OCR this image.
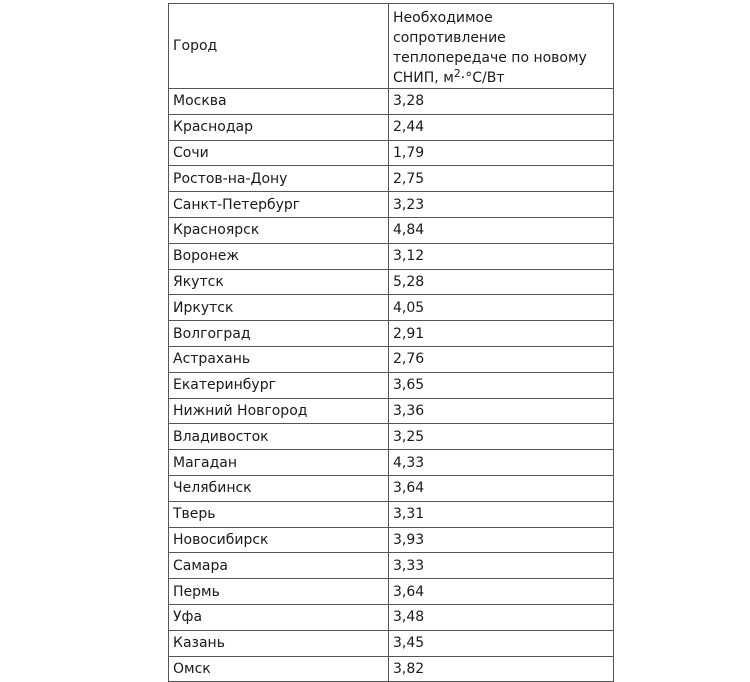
Город	Необходимое сопротивление теплопередаче по новому СНИП, $м^2\cdot^\circ С/Вт$
Москва	3,28
Краснодар	2,44
Сочи	1,79
Ростов-на-Дону	2,75
Санкт-Петербург	3,23
Красноярск	4,84
Воронеж	3,12
Якутск	5,28
Иркутск	4,05
Волгоград	2,91
Астрахань	2,76
Екатеринбург	3,65
Нижний Новгород	3,36
Владивосток	3,25
Магадан	4,33
Челябинск	3,64
Тверь	3,31
Новосибирск	3,93
Самара	3,33
Пермь	3,64
Уфа	3,48
Казань	3,45
Омск	3,82
